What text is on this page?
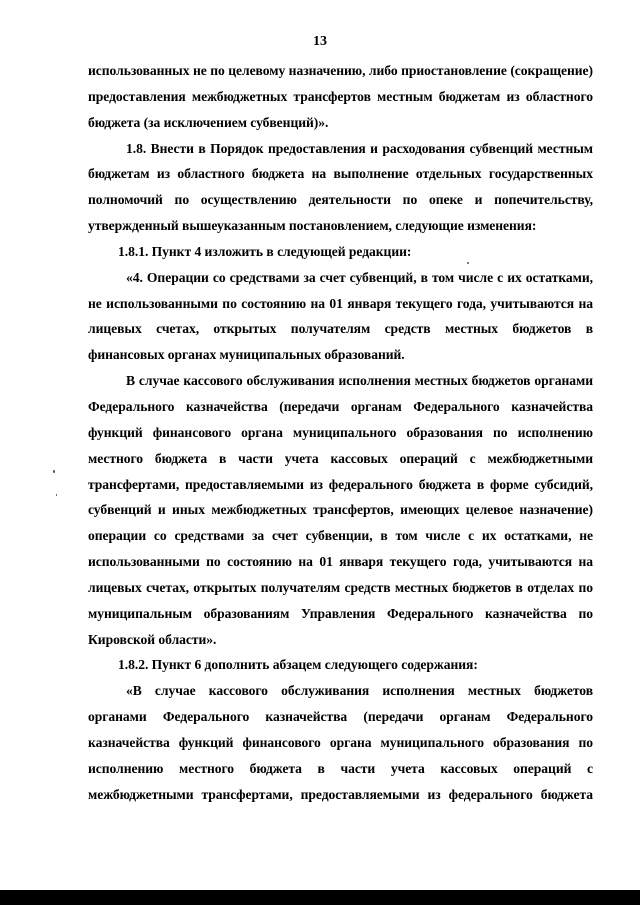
13

использованных не по целевому назначению, либо приостановление (сокращение) предоставления межбюджетных трансфертов местным бюджетам из областного бюджета (за исключением субвенций)».

1.8. Внести в Порядок предоставления и расходования субвенций местным бюджетам из областного бюджета на выполнение отдельных государственных полномочий по осуществлению деятельности по опеке и попечительству, утвержденный вышеуказанным постановлением, следующие изменения:

1.8.1. Пункт 4 изложить в следующей редакции:

«4. Операции со средствами за счет субвенций, в том числе с их остатками, не использованными по состоянию на 01 января текущего года, учитываются на лицевых счетах, открытых получателям средств местных бюджетов в финансовых органах муниципальных образований.

В случае кассового обслуживания исполнения местных бюджетов органами Федерального казначейства (передачи органам Федерального казначейства функций финансового органа муниципального образования по исполнению местного бюджета в части учета кассовых операций с межбюджетными трансфертами, предоставляемыми из федерального бюджета в форме субсидий, субвенций и иных межбюджетных трансфертов, имеющих целевое назначение) операции со средствами за счет субвенции, в том числе с их остатками, не использованными по состоянию на 01 января текущего года, учитываются на лицевых счетах, открытых получателям средств местных бюджетов в отделах по муниципальным образованиям Управления Федерального казначейства по Кировской области».

1.8.2. Пункт 6 дополнить абзацем следующего содержания:

«В случае кассового обслуживания исполнения местных бюджетов органами Федерального казначейства (передачи органам Федерального казначейства функций финансового органа муниципального образования по исполнению местного бюджета в части учета кассовых операций с межбюджетными трансфертами, предоставляемыми из федерального бюджета
